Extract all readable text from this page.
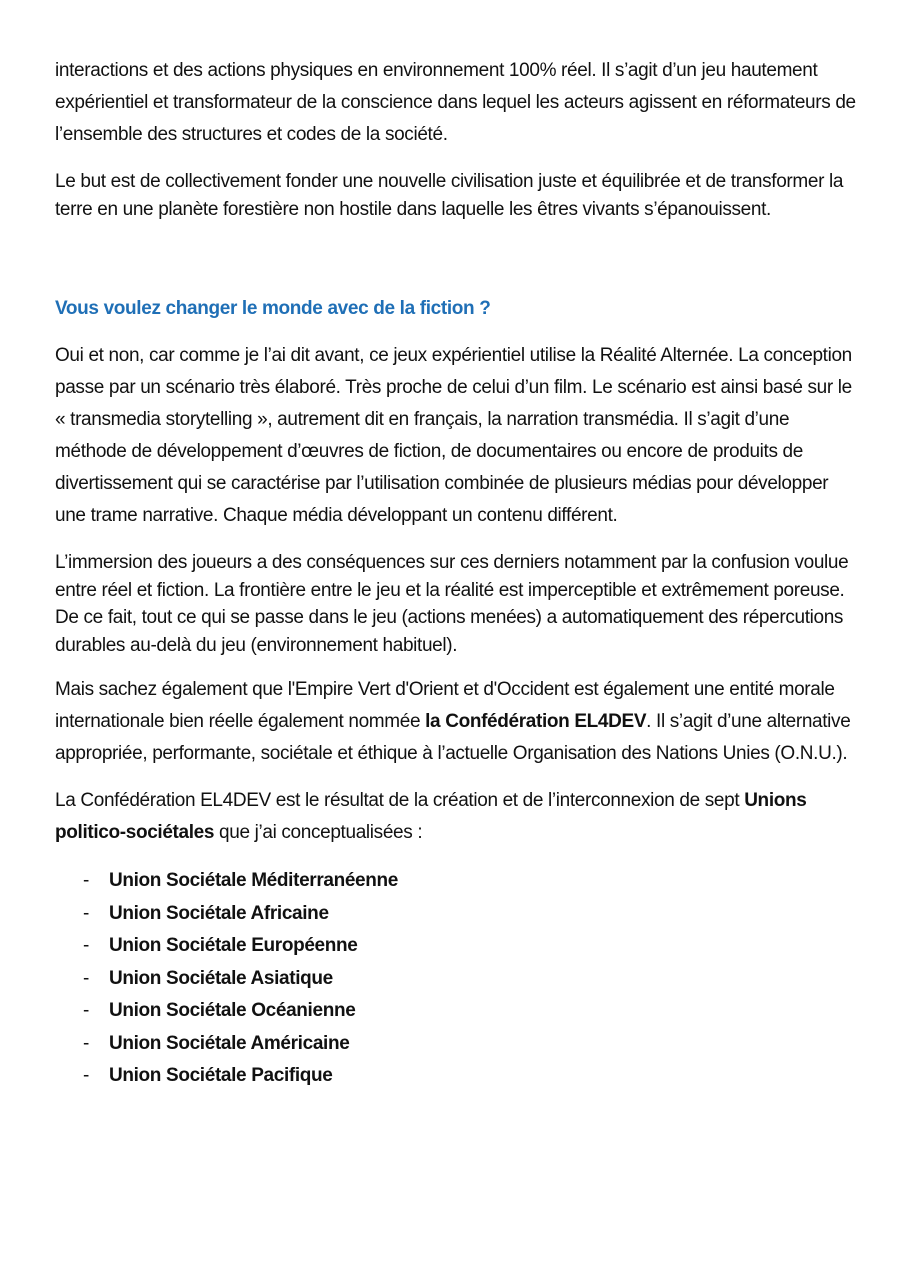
interactions et des actions physiques en environnement 100% réel. Il s’agit d’un jeu hautement expérientiel et transformateur de la conscience dans lequel les acteurs agissent en réformateurs de l’ensemble des structures et codes de la société.

Le but est de collectivement fonder une nouvelle civilisation juste et équilibrée et de transformer la terre en une planète forestière non hostile dans laquelle les êtres vivants s’épanouissent.

Vous voulez changer le monde avec de la fiction ?

Oui et non, car comme je l’ai dit avant, ce jeux expérientiel utilise la Réalité Alternée. La conception passe par un scénario très élaboré. Très proche de celui d’un film. Le scénario est ainsi basé sur le « transmedia storytelling », autrement dit en français, la narration transmédia. Il s’agit d’une méthode de développement d’œuvres de fiction, de documentaires ou encore de produits de divertissement qui se caractérise par l’utilisation combinée de plusieurs médias pour développer une trame narrative. Chaque média développant un contenu différent.

L’immersion des joueurs a des conséquences sur ces derniers notamment par la confusion voulue entre réel et fiction. La frontière entre le jeu et la réalité est imperceptible et extrêmement poreuse. De ce fait, tout ce qui se passe dans le jeu (actions menées) a automatiquement des répercutions durables au-delà du jeu (environnement habituel).

Mais sachez également que l'Empire Vert d'Orient et d'Occident est également une entité morale internationale bien réelle également nommée la Confédération EL4DEV. Il s’agit d’une alternative appropriée, performante, sociétale et éthique à l’actuelle Organisation des Nations Unies (O.N.U.).

La Confédération EL4DEV est le résultat de la création et de l’interconnexion de sept Unions politico-sociétales que j’ai conceptualisées :

-	Union Sociétale Méditerranéenne
-	Union Sociétale Africaine
-	Union Sociétale Européenne
-	Union Sociétale Asiatique
-	Union Sociétale Océanienne
-	Union Sociétale Américaine
-	Union Sociétale Pacifique
